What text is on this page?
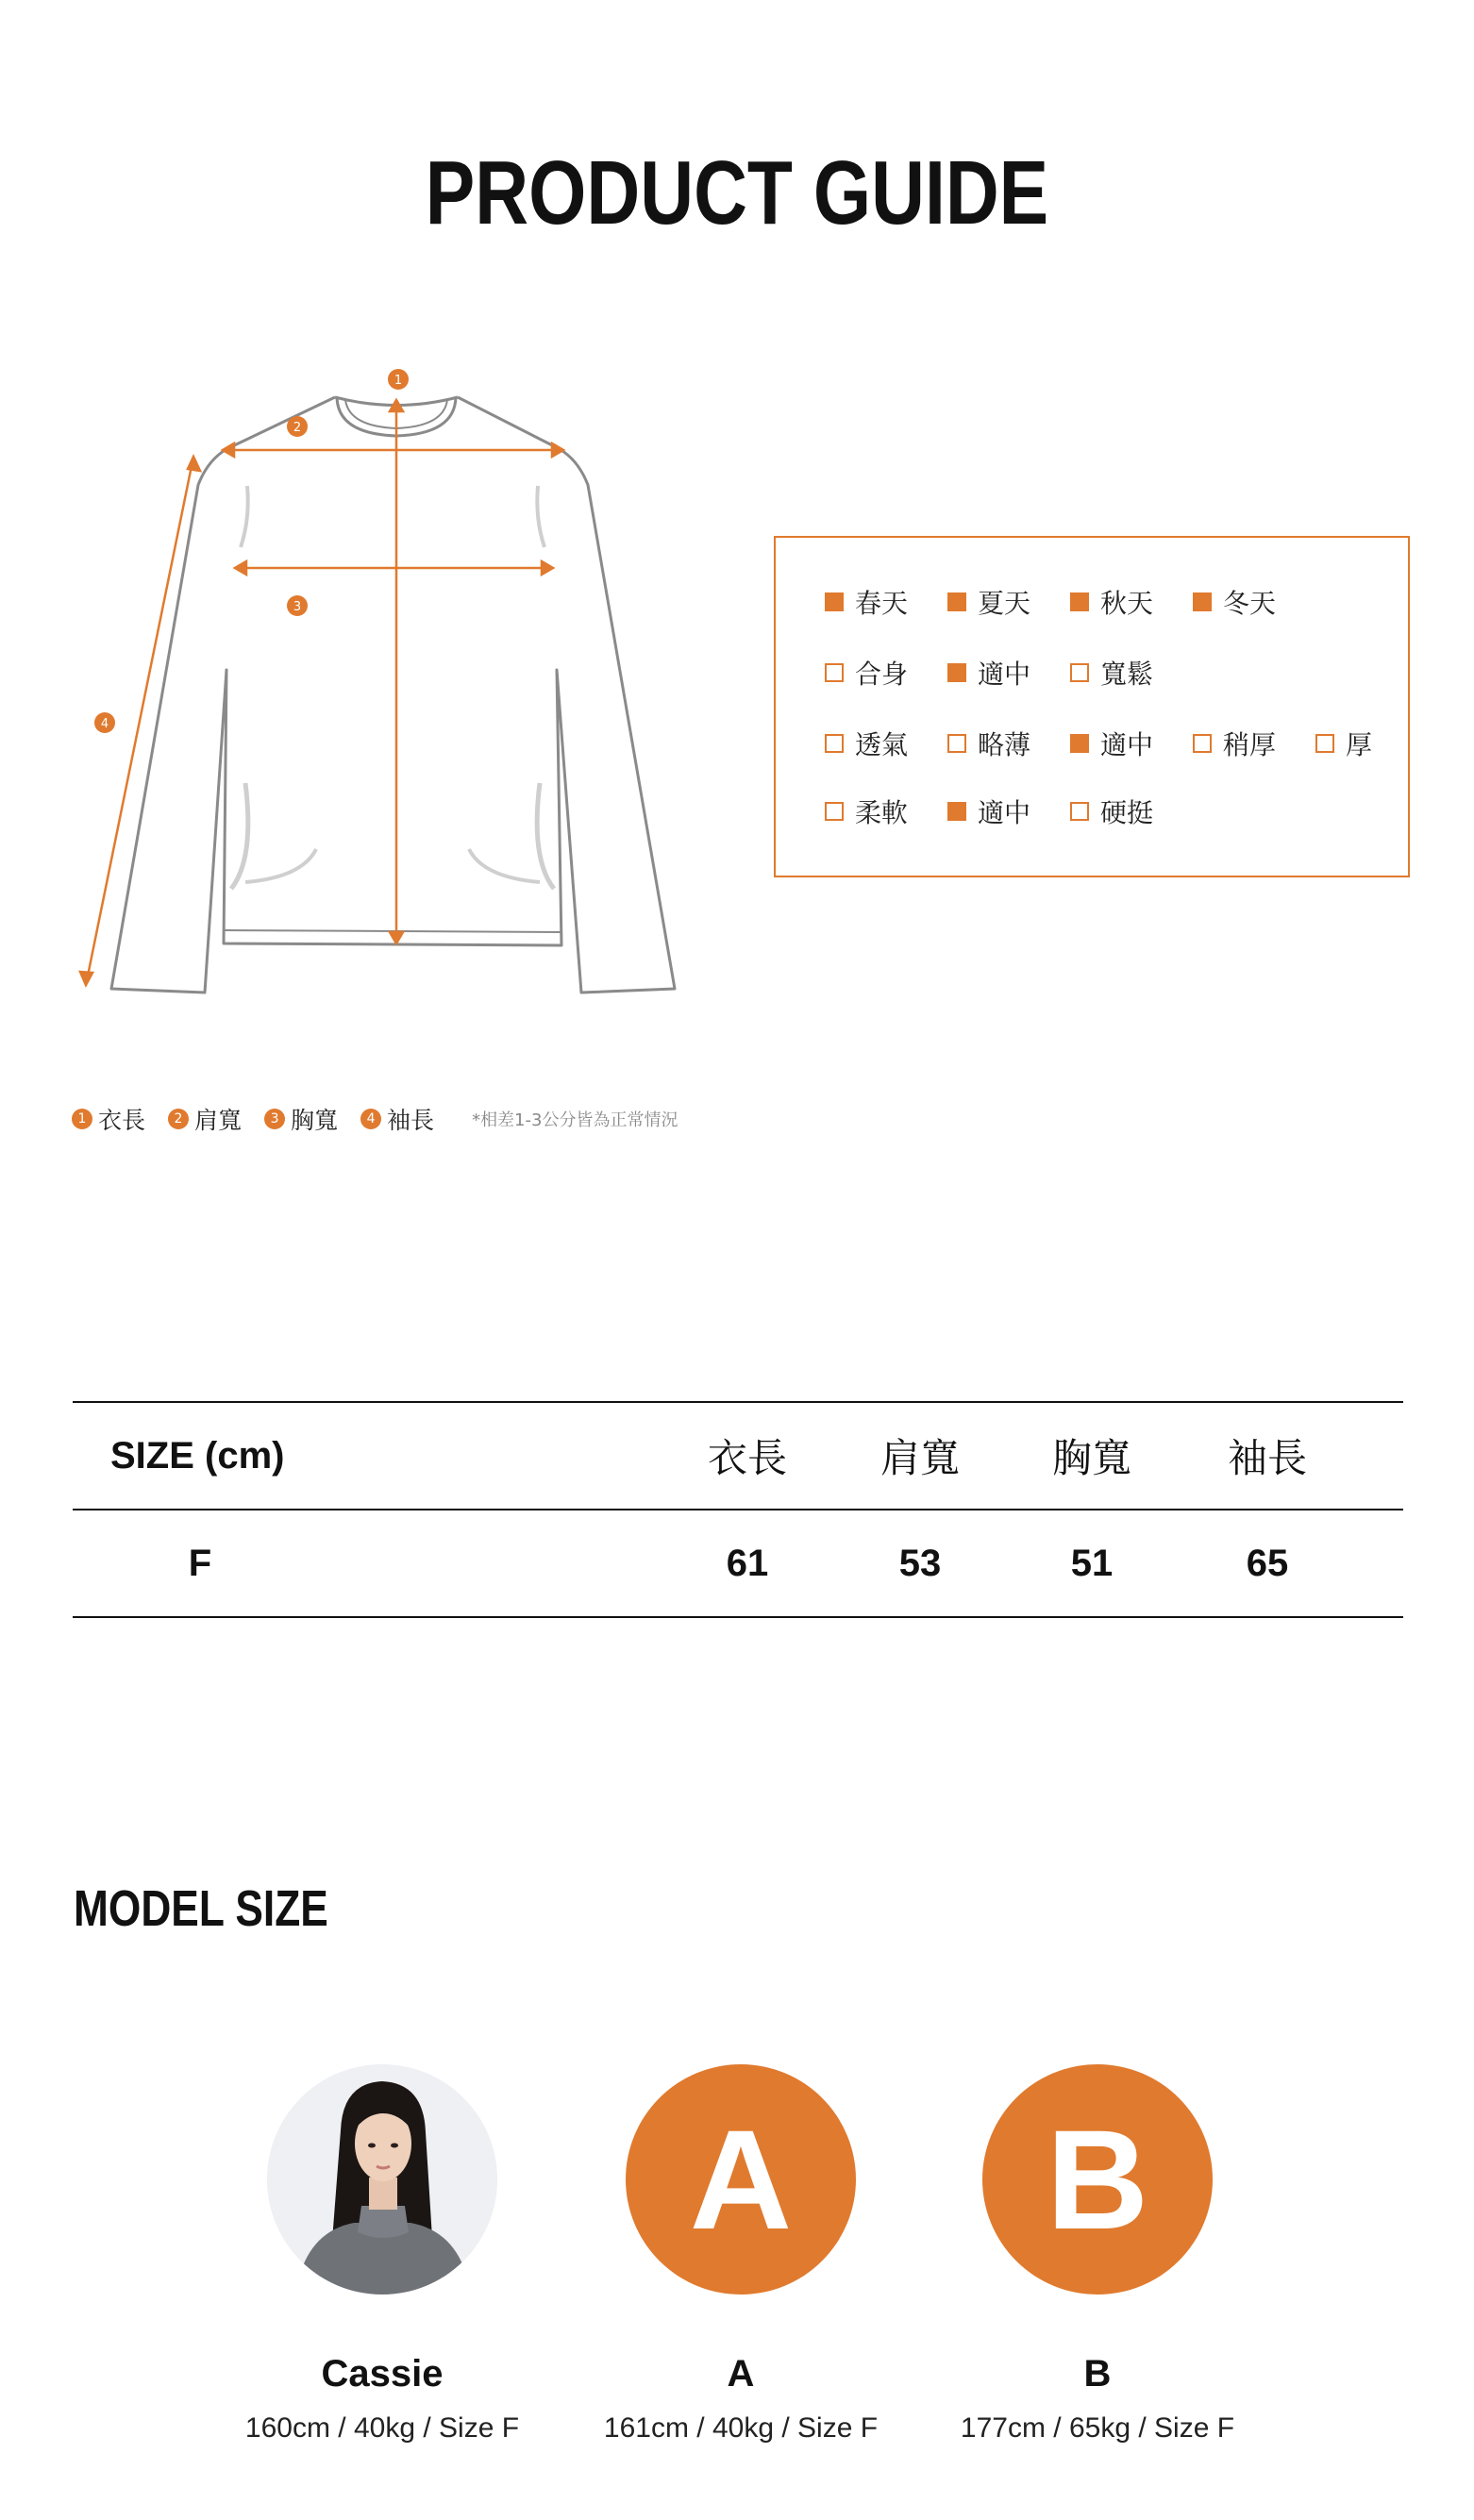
PRODUCT GUIDE
1
2
3
4
春天	夏天	秋天	冬天
合身	適中	寬鬆
透氣	略薄	適中	稍厚	厚
柔軟	適中	硬挺
1 衣長	2 肩寬	3 胸寬	4 袖長 *相差1-3公分皆為正常情況
SIZE (cm)	衣長	肩寬	胸寬	袖長
F	61	53	51	65
MODEL SIZE
Cassie
160cm / 40kg / Size F
A
A
161cm / 40kg / Size F
B
B
177cm / 65kg / Size F
